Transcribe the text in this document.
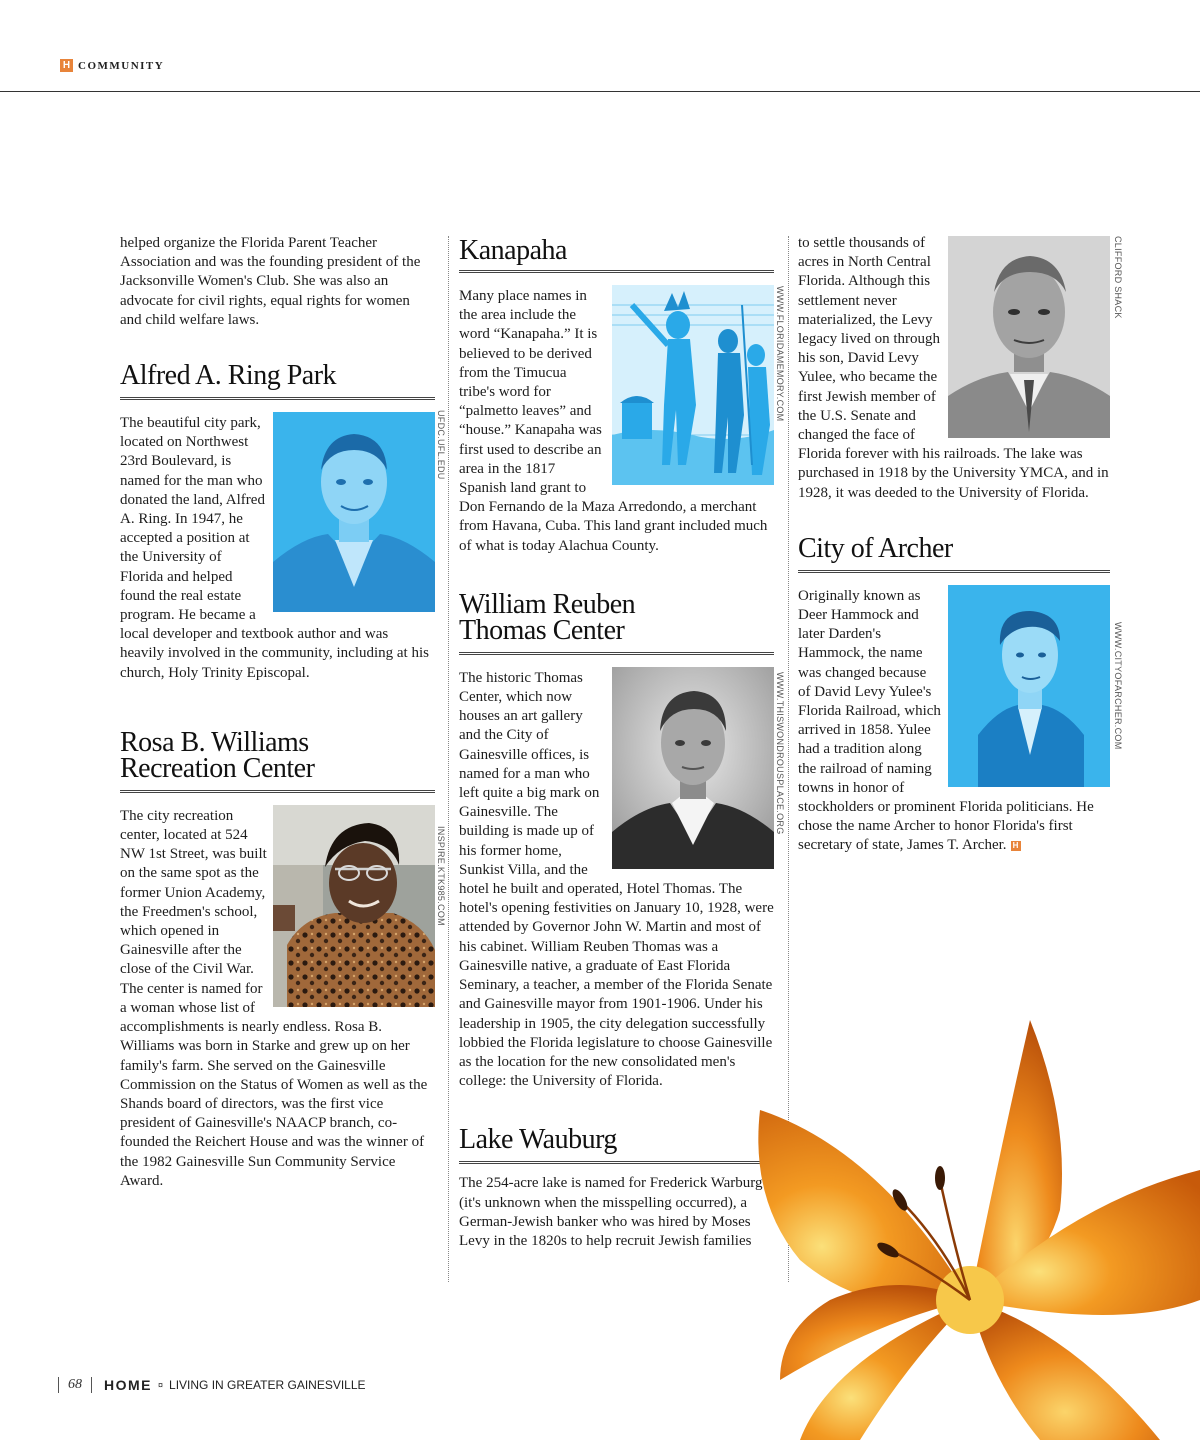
H COMMUNITY

helped organize the Florida Parent Teacher Association and was the founding president of the Jacksonville Women's Club. She was also an advocate for civil rights, equal rights for women and child welfare laws.

Alfred A. Ring Park
UFDC.UFL.EDU

The beautiful city park, located on Northwest 23rd Boulevard, is named for the man who donated the land, Alfred A. Ring. In 1947, he accepted a position at the University of Florida and helped found the real estate program. He became a local developer and textbook author and was heavily involved in the community, including at his church, Holy Trinity Episcopal.

Rosa B. Williams
Recreation Center
INSPIRE.KTK985.COM

The city recreation center, located at 524 NW 1st Street, was built on the same spot as the former Union Academy, the Freedmen's school, which opened in Gainesville after the close of the Civil War. The center is named for a woman whose list of accomplishments is nearly endless. Rosa B. Williams was born in Starke and grew up on her family's farm. She served on the Gainesville Commission on the Status of Women as well as the Shands board of directors, was the first vice president of Gainesville's NAACP branch, co-founded the Reichert House and was the winner of the 1982 Gainesville Sun Community Service Award.

Kanapaha
WWW.FLORIDAMEMORY.COM

Many place names in the area include the word “Kanapaha.” It is believed to be derived from the Timucua tribe's word for “palmetto leaves” and “house.” Kanapaha was first used to describe an area in the 1817 Spanish land grant to Don Fernando de la Maza Arredondo, a merchant from Havana, Cuba. This land grant included much of what is today Alachua County.

William Reuben
Thomas Center
WWW.THISWONDROUSPLACE.ORG

The historic Thomas Center, which now houses an art gallery and the City of Gainesville offices, is named for a man who left quite a big mark on Gainesville. The building is made up of his former home, Sunkist Villa, and the hotel he built and operated, Hotel Thomas. The hotel's opening festivities on January 10, 1928, were attended by Governor John W. Martin and most of his cabinet. William Reuben Thomas was a Gainesville native, a graduate of East Florida Seminary, a teacher, a member of the Florida Senate and Gainesville mayor from 1901-1906. Under his leadership in 1905, the city delegation successfully lobbied the Florida legislature to choose Gainesville as the location for the new consolidated men's college: the University of Florida.

Lake Wauburg

The 254-acre lake is named for Frederick Warburg (it's unknown when the misspelling occurred), a German-Jewish banker who was hired by Moses Levy in the 1820s to help recruit Jewish families

CLIFFORD SHACK

to settle thousands of acres in North Central Florida. Although this settlement never materialized, the Levy legacy lived on through his son, David Levy Yulee, who became the first Jewish member of the U.S. Senate and changed the face of Florida forever with his railroads. The lake was purchased in 1918 by the University YMCA, and in 1928, it was deeded to the University of Florida.

City of Archer
WWW.CITYOFARCHER.COM

Originally known as Deer Hammock and later Darden's Hammock, the name was changed because of David Levy Yulee's Florida Railroad, which arrived in 1858. Yulee had a tradition along the railroad of naming towns in honor of stockholders or prominent Florida politicians. He chose the name Archer to honor Florida's first secretary of state, James T. Archer. H

68 HOME ¤ LIVING IN GREATER GAINESVILLE
